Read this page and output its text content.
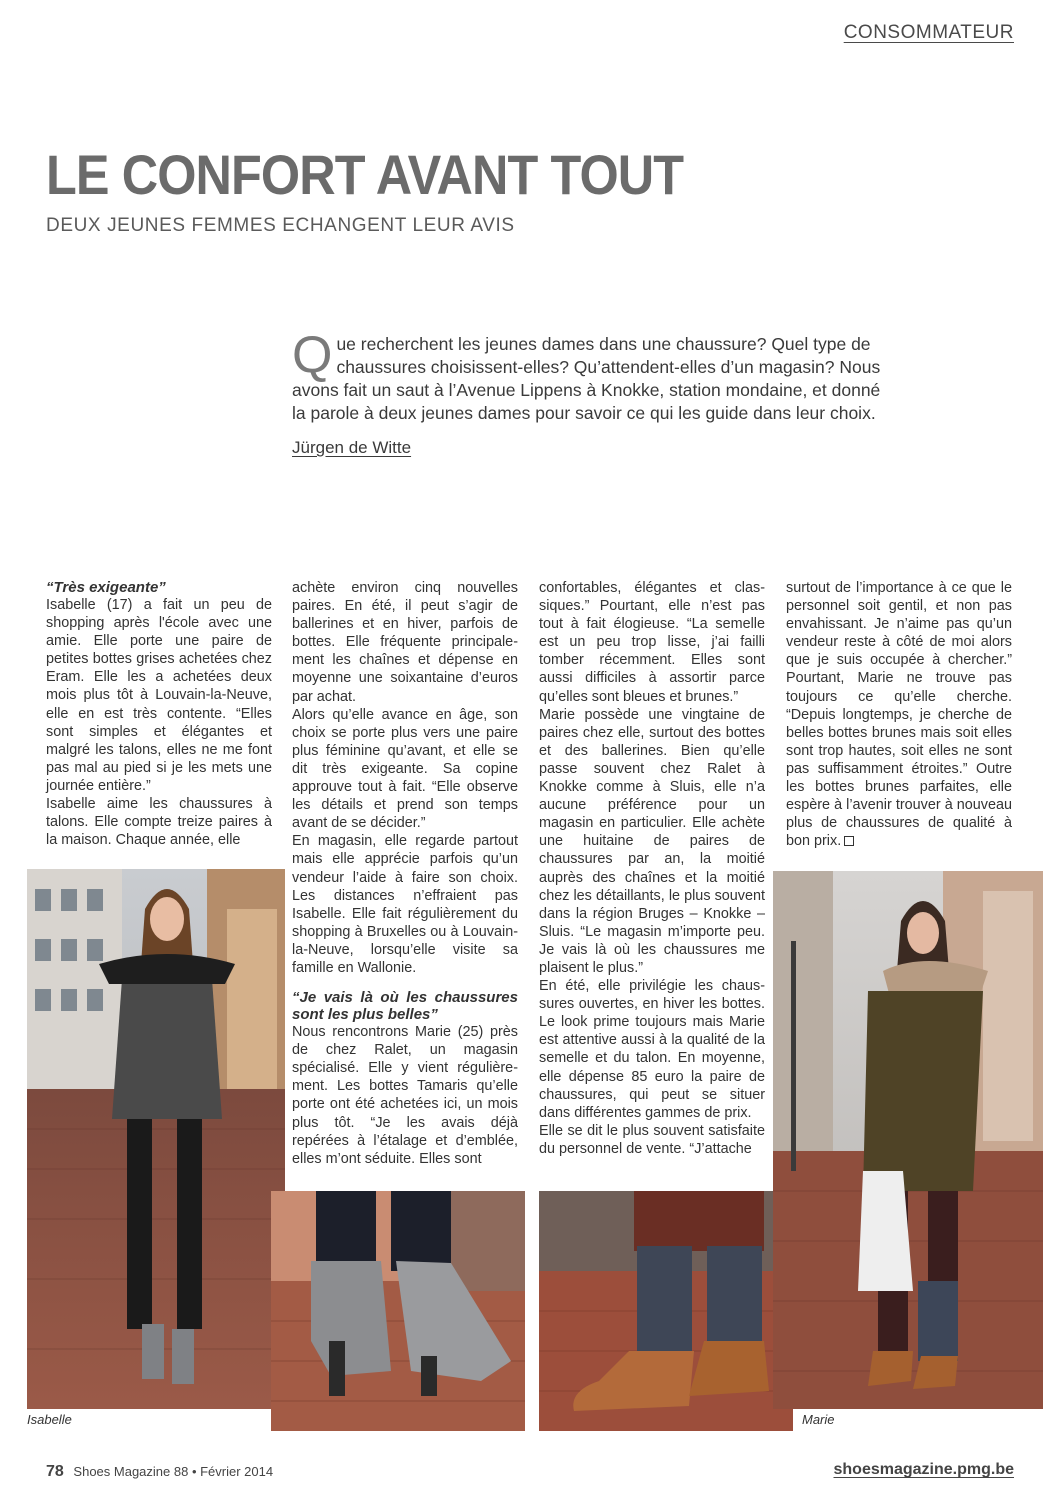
CONSOMMATEUR
LE CONFORT AVANT TOUT
DEUX JEUNES FEMMES ECHANGENT LEUR AVIS
Q ue recherchent les jeunes dames dans une chaussure? Quel type de chaussures choisissent-elles? Qu’attendent-elles d’un magasin? Nous avons fait un saut à l’Avenue Lippens à Knokke, station mondaine, et donné la parole à deux jeunes dames pour savoir ce qui les guide dans leur choix.
Jürgen de Witte

“Très exigeante”

Isabelle (17) a fait un peu de shopping après l'école avec une amie. Elle porte une paire de petites bottes grises achetées chez Eram. Elle les a achetées deux mois plus tôt à Louvain-la-Neuve, elle en est très contente. “Elles sont simples et élégantes et malgré les talons, elles ne me font pas mal au pied si je les mets une journée entière.”

Isabelle aime les chaussures à talons. Elle compte treize paires à la maison. Chaque année, elle

achète environ cinq nouvelles paires. En été, il peut s’agir de ballerines et en hiver, parfois de bottes. Elle fréquente principalement les chaînes et dépense en moyenne une soixantaine d’euros par achat.

Alors qu’elle avance en âge, son choix se porte plus vers une paire plus féminine qu’avant, et elle se dit très exigeante. Sa copine approuve tout à fait. “Elle observe les détails et prend son temps avant de se décider.”

En magasin, elle regarde partout mais elle apprécie parfois qu’un vendeur l’aide à faire son choix. Les distances n’effraient pas Isabelle. Elle fait régulièrement du shopping à Bruxelles ou à Louvain-la-Neuve, lorsqu’elle visite sa famille en Wallonie.

“Je vais là où les chaussures sont les plus belles”

Nous rencontrons Marie (25) près de chez Ralet, un magasin spécialisé. Elle y vient régulièrement. Les bottes Tamaris qu’elle porte ont été achetées ici, un mois plus tôt. “Je les avais déjà repérées à l’étalage et d’emblée, elles m’ont séduite. Elles sont

confortables, élégantes et classiques.” Pourtant, elle n’est pas tout à fait élogieuse. “La semelle est un peu trop lisse, j’ai failli tomber récemment. Elles sont aussi difficiles à assortir parce qu’elles sont bleues et brunes.”

Marie possède une vingtaine de paires chez elle, surtout des bottes et des ballerines. Bien qu’elle passe souvent chez Ralet à Knokke comme à Sluis, elle n’a aucune préférence pour un magasin en particulier. Elle achète une huitaine de paires de chaussures par an, la moitié auprès des chaînes et la moitié chez les détaillants, le plus souvent dans la région Bruges – Knokke – Sluis. “Le magasin m’importe peu. Je vais là où les chaussures me plaisent le plus.”

En été, elle privilégie les chaussures ouvertes, en hiver les bottes. Le look prime toujours mais Marie est attentive aussi à la qualité de la semelle et du talon. En moyenne, elle dépense 85 euro la paire de chaussures, qui peut se situer dans différentes gammes de prix.

Elle se dit le plus souvent satisfaite du personnel de vente. “J’attache

surtout de l’importance à ce que le personnel soit gentil, et non pas envahissant. Je n’aime pas qu’un vendeur reste à côté de moi alors que je suis occupée à chercher.” Pourtant, Marie ne trouve pas toujours ce qu’elle cherche. “Depuis longtemps, je cherche de belles bottes brunes mais soit elles sont trop hautes, soit elles ne sont pas suffisamment étroites.” Outre les bottes brunes parfaites, elle espère à l’avenir trouver à nouveau plus de chaussures de qualité à bon prix.

Isabelle	Marie
78 Shoes Magazine 88 • Février 2014	shoesmagazine.pmg.be
